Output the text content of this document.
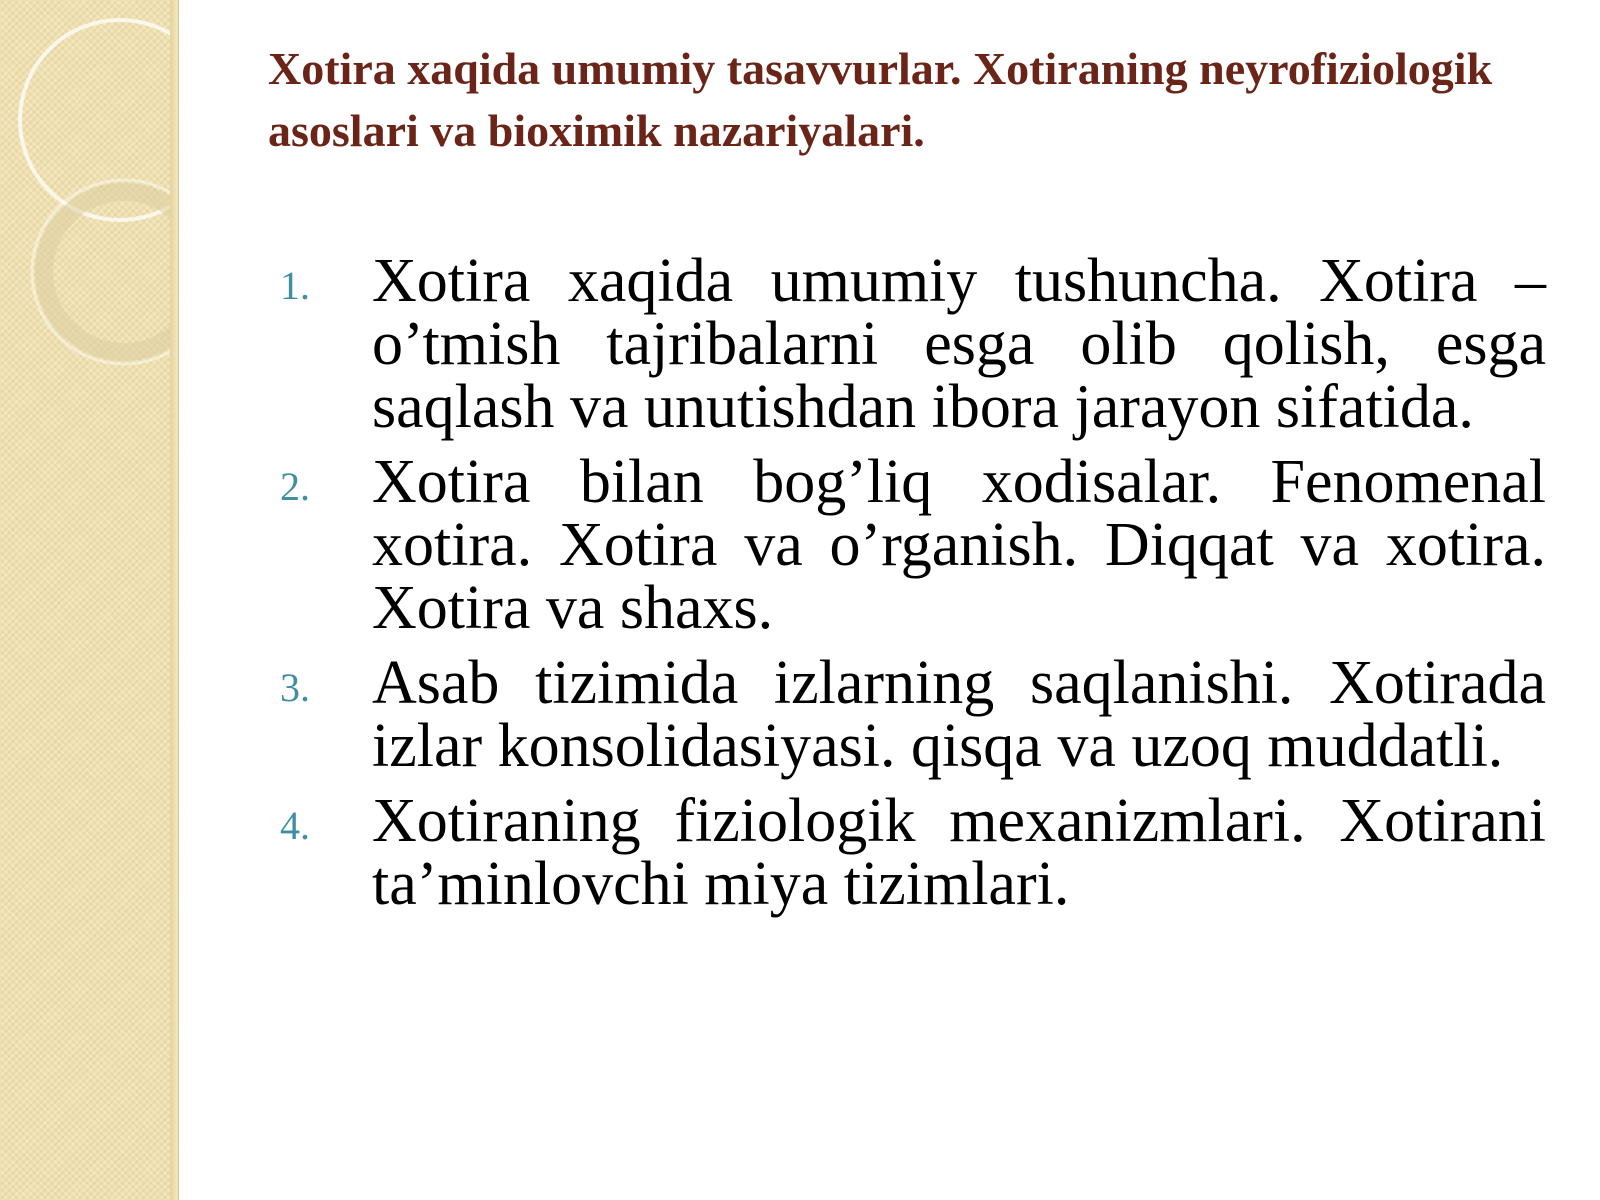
Xotira xaqida umumiy tasavvurlar. Xotiraning neyrofiziologik asoslari va bioximik nazariyalari.
1. Xotira xaqida umumiy tushuncha. Xotira – o’tmish tajribalarni esga olib qolish, esga saqlash va unutishdan ibora jarayon sifatida.
2. Xotira bilan bog’liq xodisalar. Fenomenal xotira. Xotira va o’rganish. Diqqat va xotira. Xotira va shaxs.
3. Asab tizimida izlarning saqlanishi. Xotirada izlar konsolidasiyasi. qisqa va uzoq muddatli.
4. Xotiraning fiziologik mexanizmlari. Xotirani ta’minlovchi miya tizimlari.
